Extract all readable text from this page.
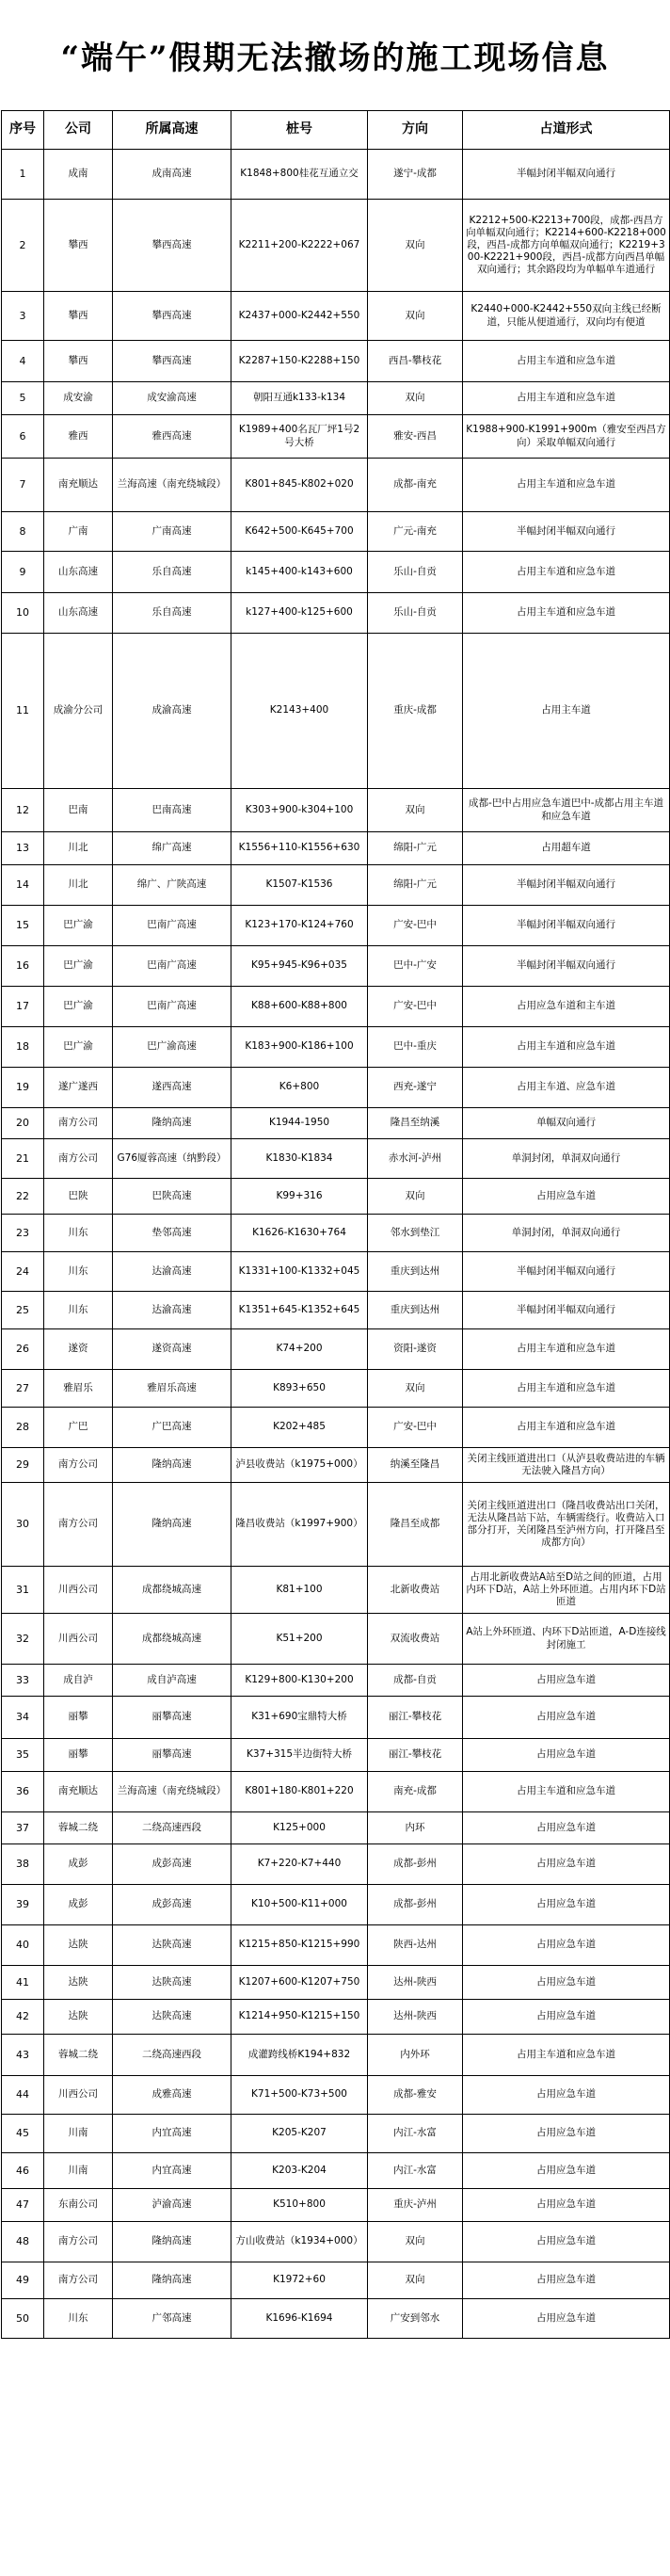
“端午”假期无法撤场的施工现场信息
序号	公司	所属高速	桩号	方向	占道形式
1	成南	成南高速	K1848+800桂花互通立交	遂宁-成都	半幅封闭半幅双向通行
2	攀西	攀西高速	K2211+200-K2222+067	双向	K2212+500-K2213+700段，成都-西昌方向单幅双向通行；K2214+600-K2218+000段，西昌-成都方向单幅双向通行；K2219+300-K2221+900段，西昌-成都方向西昌单幅双向通行；其余路段均为单幅单车道通行
3	攀西	攀西高速	K2437+000-K2442+550	双向	K2440+000-K2442+550双向主线已经断道，只能从便道通行，双向均有便道
4	攀西	攀西高速	K2287+150-K2288+150	西昌-攀枝花	占用主车道和应急车道
5	成安渝	成安渝高速	朝阳互通k133-k134	双向	占用主车道和应急车道
6	雅西	雅西高速	K1989+400名瓦厂坪1号2号大桥	雅安-西昌	K1988+900-K1991+900m（雅安至西昌方向）采取单幅双向通行
7	南充顺达	兰海高速（南充绕城段）	K801+845-K802+020	成都-南充	占用主车道和应急车道
8	广南	广南高速	K642+500-K645+700	广元-南充	半幅封闭半幅双向通行
9	山东高速	乐自高速	k145+400-k143+600	乐山-自贡	占用主车道和应急车道
10	山东高速	乐自高速	k127+400-k125+600	乐山-自贡	占用主车道和应急车道
11	成渝分公司	成渝高速	K2143+400	重庆-成都	占用主车道
12	巴南	巴南高速	K303+900-k304+100	双向	成都-巴中占用应急车道巴中-成都占用主车道和应急车道
13	川北	绵广高速	K1556+110-K1556+630	绵阳-广元	占用超车道
14	川北	绵广、广陕高速	K1507-K1536	绵阳-广元	半幅封闭半幅双向通行
15	巴广渝	巴南广高速	K123+170-K124+760	广安-巴中	半幅封闭半幅双向通行
16	巴广渝	巴南广高速	K95+945-K96+035	巴中-广安	半幅封闭半幅双向通行
17	巴广渝	巴南广高速	K88+600-K88+800	广安-巴中	占用应急车道和主车道
18	巴广渝	巴广渝高速	K183+900-K186+100	巴中-重庆	占用主车道和应急车道
19	遂广遂西	遂西高速	K6+800	西充-遂宁	占用主车道、应急车道
20	南方公司	隆纳高速	K1944-1950	隆昌至纳溪	单幅双向通行
21	南方公司	G76厦蓉高速（纳黔段）	K1830-K1834	赤水河-泸州	单洞封闭，单洞双向通行
22	巴陕	巴陕高速	K99+316	双向	占用应急车道
23	川东	垫邻高速	K1626-K1630+764	邻水到垫江	单洞封闭，单洞双向通行
24	川东	达渝高速	K1331+100-K1332+045	重庆到达州	半幅封闭半幅双向通行
25	川东	达渝高速	K1351+645-K1352+645	重庆到达州	半幅封闭半幅双向通行
26	遂资	遂资高速	K74+200	资阳-遂资	占用主车道和应急车道
27	雅眉乐	雅眉乐高速	K893+650	双向	占用主车道和应急车道
28	广巴	广巴高速	K202+485	广安-巴中	占用主车道和应急车道
29	南方公司	隆纳高速	泸县收费站（k1975+000）	纳溪至隆昌	关闭主线匝道进出口（从泸县收费站进的车辆无法驶入隆昌方向）
30	南方公司	隆纳高速	隆昌收费站（k1997+900）	隆昌至成都	关闭主线匝道进出口（隆昌收费站出口关闭，无法从隆昌站下站，车辆需绕行。收费站入口部分打开，关闭隆昌至泸州方向，打开隆昌至成都方向）
31	川西公司	成都绕城高速	K81+100	北新收费站	占用北新收费站A站至D站之间的匝道，占用内环下D站，A站上外环匝道。占用内环下D站匝道
32	川西公司	成都绕城高速	K51+200	双流收费站	A站上外环匝道、内环下D站匝道，A-D连接线封闭施工
33	成自泸	成自泸高速	K129+800-K130+200	成都-自贡	占用应急车道
34	丽攀	丽攀高速	K31+690宝鼎特大桥	丽江-攀枝花	占用应急车道
35	丽攀	丽攀高速	K37+315半边街特大桥	丽江-攀枝花	占用应急车道
36	南充顺达	兰海高速（南充绕城段）	K801+180-K801+220	南充-成都	占用主车道和应急车道
37	蓉城二绕	二绕高速西段	K125+000	内环	占用应急车道
38	成彭	成彭高速	K7+220-K7+440	成都-彭州	占用应急车道
39	成彭	成彭高速	K10+500-K11+000	成都-彭州	占用应急车道
40	达陕	达陕高速	K1215+850-K1215+990	陕西-达州	占用应急车道
41	达陕	达陕高速	K1207+600-K1207+750	达州-陕西	占用应急车道
42	达陕	达陕高速	K1214+950-K1215+150	达州-陕西	占用应急车道
43	蓉城二绕	二绕高速西段	成灌跨线桥K194+832	内外环	占用主车道和应急车道
44	川西公司	成雅高速	K71+500-K73+500	成都-雅安	占用应急车道
45	川南	内宜高速	K205-K207	内江-水富	占用应急车道
46	川南	内宜高速	K203-K204	内江-水富	占用应急车道
47	东南公司	泸渝高速	K510+800	重庆-泸州	占用应急车道
48	南方公司	隆纳高速	方山收费站（k1934+000）	双向	占用应急车道
49	南方公司	隆纳高速	K1972+60	双向	占用应急车道
50	川东	广邻高速	K1696-K1694	广安到邻水	占用应急车道
